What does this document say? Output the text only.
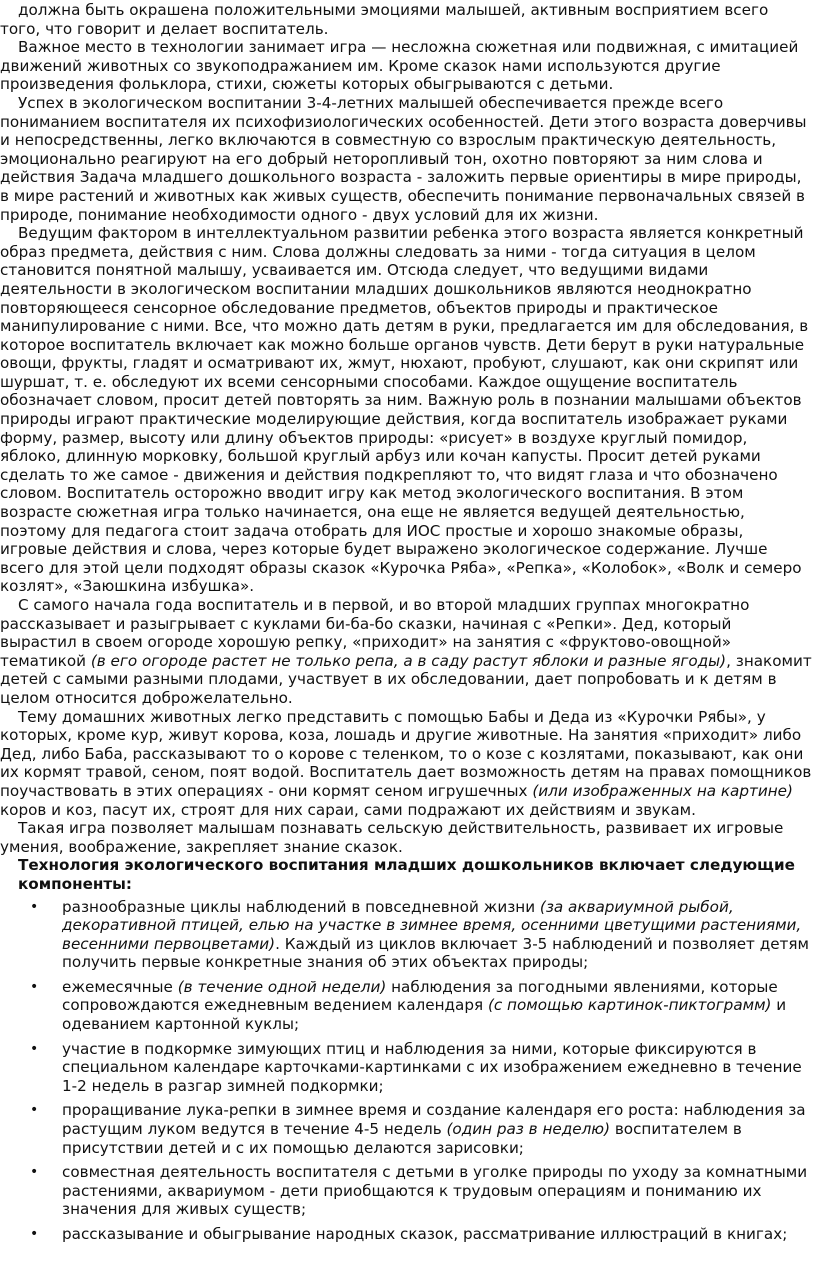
должна быть окрашена положительными эмоциями малышей, активным восприятием всего того, что говорит и делает воспитатель.

Важное место в технологии занимает игра — несложна сюжетная или подвижная, с имитацией движений животных со звукоподражанием им. Кроме сказок нами используются другие произведения фольклора, стихи, сюжеты которых обыгрываются с детьми.

Успех в экологическом воспитании 3-4-летних малышей обеспечивается прежде всего пониманием воспитателя их психофизиологических особенностей. Дети этого возраста доверчивы и непосредственны, легко включаются в совместную со взрослым практическую деятельность, эмоционально реагируют на его добрый неторопливый тон, охотно повторяют за ним слова и действия Задача младшего дошкольного возраста - заложить первые ориентиры в мире природы, в мире растений и животных как живых существ, обеспечить понимание первоначальных связей в природе, понимание необходимости одного - двух условий для их жизни.

Ведущим фактором в интеллектуальном развитии ребенка этого возраста является конкретный образ предмета, действия с ним. Слова должны следовать за ними - тогда ситуация в целом становится понятной малышу, усваивается им. Отсюда следует, что ведущими видами деятельности в экологическом воспитании младших дошкольников являются неоднократно повторяющееся сенсорное обследование предметов, объектов природы и практическое манипулирование с ними. Все, что можно дать детям в руки, предлагается им для обследования, в которое воспитатель включает как можно больше органов чувств. Дети берут в руки натуральные овощи, фрукты, гладят и осматривают их, жмут, нюхают, пробуют, слушают, как они скрипят или шуршат, т. е. обследуют их всеми сенсорными способами. Каждое ощущение воспитатель обозначает словом, просит детей повторять за ним. Важную роль в познании малышами объектов природы играют практические моделирующие действия, когда воспитатель изображает руками форму, размер, высоту или длину объектов природы: «рисует» в воздухе круглый помидор, яблоко, длинную морковку, большой круглый арбуз или кочан капусты. Просит детей руками сделать то же самое - движения и действия подкрепляют то, что видят глаза и что обозначено словом. Воспитатель осторожно вводит игру как метод экологического воспитания. В этом возрасте сюжетная игра только начинается, она еще не является ведущей деятельностью, поэтому для педагога стоит задача отобрать для ИОС простые и хорошо знакомые образы, игровые действия и слова, через которые будет выражено экологическое содержание. Лучше всего для этой цели подходят образы сказок «Курочка Ряба», «Репка», «Колобок», «Волк и семеро козлят», «Заюшкина избушка».

С самого начала года воспитатель и в первой, и во второй младших группах многократно рассказывает и разыгрывает с куклами би-ба-бо сказки, начиная с «Репки». Дед, который вырастил в своем огороде хорошую репку, «приходит» на занятия с «фруктово-овощной» тематикой (в его огороде растет не только репа, а в саду растут яблоки и разные ягоды), знакомит детей с самыми разными плодами, участвует в их обследовании, дает попробовать и к детям в целом относится доброжелательно.

Тему домашних животных легко представить с помощью Бабы и Деда из «Курочки Рябы», у которых, кроме кур, живут корова, коза, лошадь и другие животные. На занятия «приходит» либо Дед, либо Баба, рассказывают то о корове с теленком, то о козе с козлятами, показывают, как они их кормят травой, сеном, поят водой. Воспитатель дает возможность детям на правах помощников поучаствовать в этих операциях - они кормят сеном игрушечных (или изображенных на картине) коров и коз, пасут их, строят для них сараи, сами подражают их действиям и звукам.

Такая игра позволяет малышам познавать сельскую действительность, развивает их игровые умения, воображение, закрепляет знание сказок.

Технология экологического воспитания младших дошкольников включает следующие компоненты:
• разнообразные циклы наблюдений в повседневной жизни (за аквариумной рыбой, декоративной птицей, елью на участке в зимнее время, осенними цветущими растениями, весенними первоцветами). Каждый из циклов включает 3-5 наблюдений и позволяет детям получить первые конкретные знания об этих объектах природы;
• ежемесячные (в течение одной недели) наблюдения за погодными явлениями, которые сопровождаются ежедневным ведением календаря (с помощью картинок-пиктограмм) и одеванием картонной куклы;
• участие в подкормке зимующих птиц и наблюдения за ними, которые фиксируются в специальном календаре карточками-картинками с их изображением ежедневно в течение 1-2 недель в разгар зимней подкормки;
• проращивание лука-репки в зимнее время и создание календаря его роста: наблюдения за растущим луком ведутся в течение 4-5 недель (один раз в неделю) воспитателем в присутствии детей и с их помощью делаются зарисовки;
• совместная деятельность воспитателя с детьми в уголке природы по уходу за комнатными растениями, аквариумом - дети приобщаются к трудовым операциям и пониманию их значения для живых существ;
• рассказывание и обыгрывание народных сказок, рассматривание иллюстраций в книгах;
